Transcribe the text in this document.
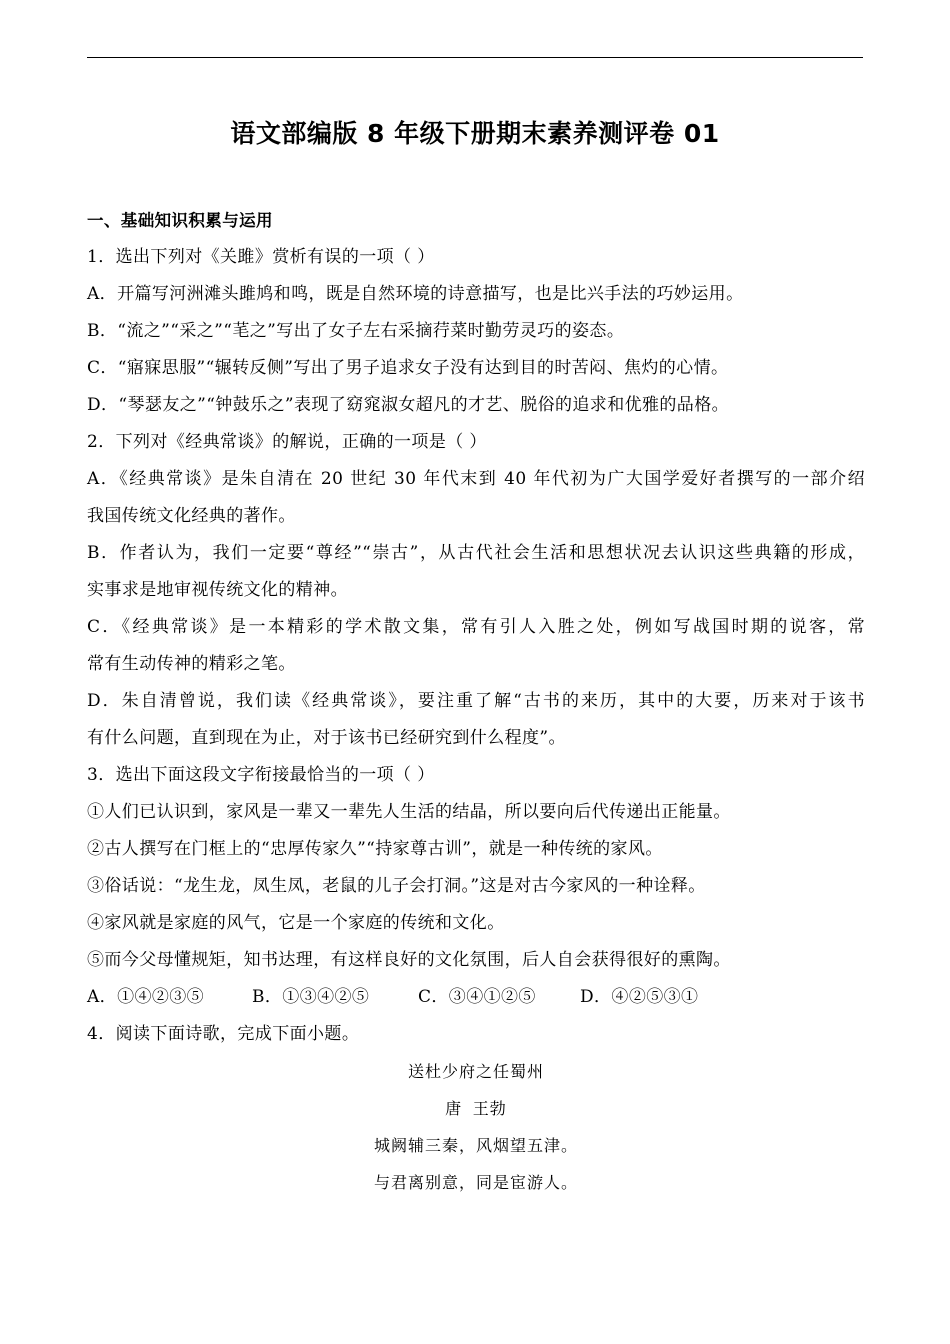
语文部编版 8 年级下册期末素养测评卷 01
一、基础知识积累与运用
1．选出下列对《关雎》赏析有误的一项（ ）
A．开篇写河洲滩头雎鸠和鸣，既是自然环境的诗意描写，也是比兴手法的巧妙运用。
B．“流之”“采之”“芼之”写出了女子左右采摘荇菜时勤劳灵巧的姿态。
C．“寤寐思服”“辗转反侧”写出了男子追求女子没有达到目的时苦闷、焦灼的心情。
D．“琴瑟友之”“钟鼓乐之”表现了窈窕淑女超凡的才艺、脱俗的追求和优雅的品格。
2．下列对《经典常谈》的解说，正确的一项是（ ）
A．《经典常谈》是朱自清在 20 世纪 30 年代末到 40 年代初为广大国学爱好者撰写的一部介绍
我国传统文化经典的著作。
B．作者认为，我们一定要“尊经”“崇古”，从古代社会生活和思想状况去认识这些典籍的形成，
实事求是地审视传统文化的精神。
C．《经典常谈》是一本精彩的学术散文集，常有引人入胜之处，例如写战国时期的说客，常
常有生动传神的精彩之笔。
D．朱自清曾说，我们读《经典常谈》，要注重了解“古书的来历，其中的大要，历来对于该书
有什么问题，直到现在为止，对于该书已经研究到什么程度”。
3．选出下面这段文字衔接最恰当的一项（ ）
①人们已认识到，家风是一辈又一辈先人生活的结晶，所以要向后代传递出正能量。
②古人撰写在门框上的“忠厚传家久”“持家尊古训”，就是一种传统的家风。
③俗话说：“龙生龙，凤生凤，老鼠的儿子会打洞。”这是对古今家风的一种诠释。
④家风就是家庭的风气，它是一个家庭的传统和文化。
⑤而今父母懂规矩，知书达理，有这样良好的文化氛围，后人自会获得很好的熏陶。
A．①④②③⑤	B．①③④②⑤	C．③④①②⑤	D．④②⑤③①
4．阅读下面诗歌，完成下面小题。
送杜少府之任蜀州
唐 王勃
城阙辅三秦，风烟望五津。
与君离别意，同是宦游人。
